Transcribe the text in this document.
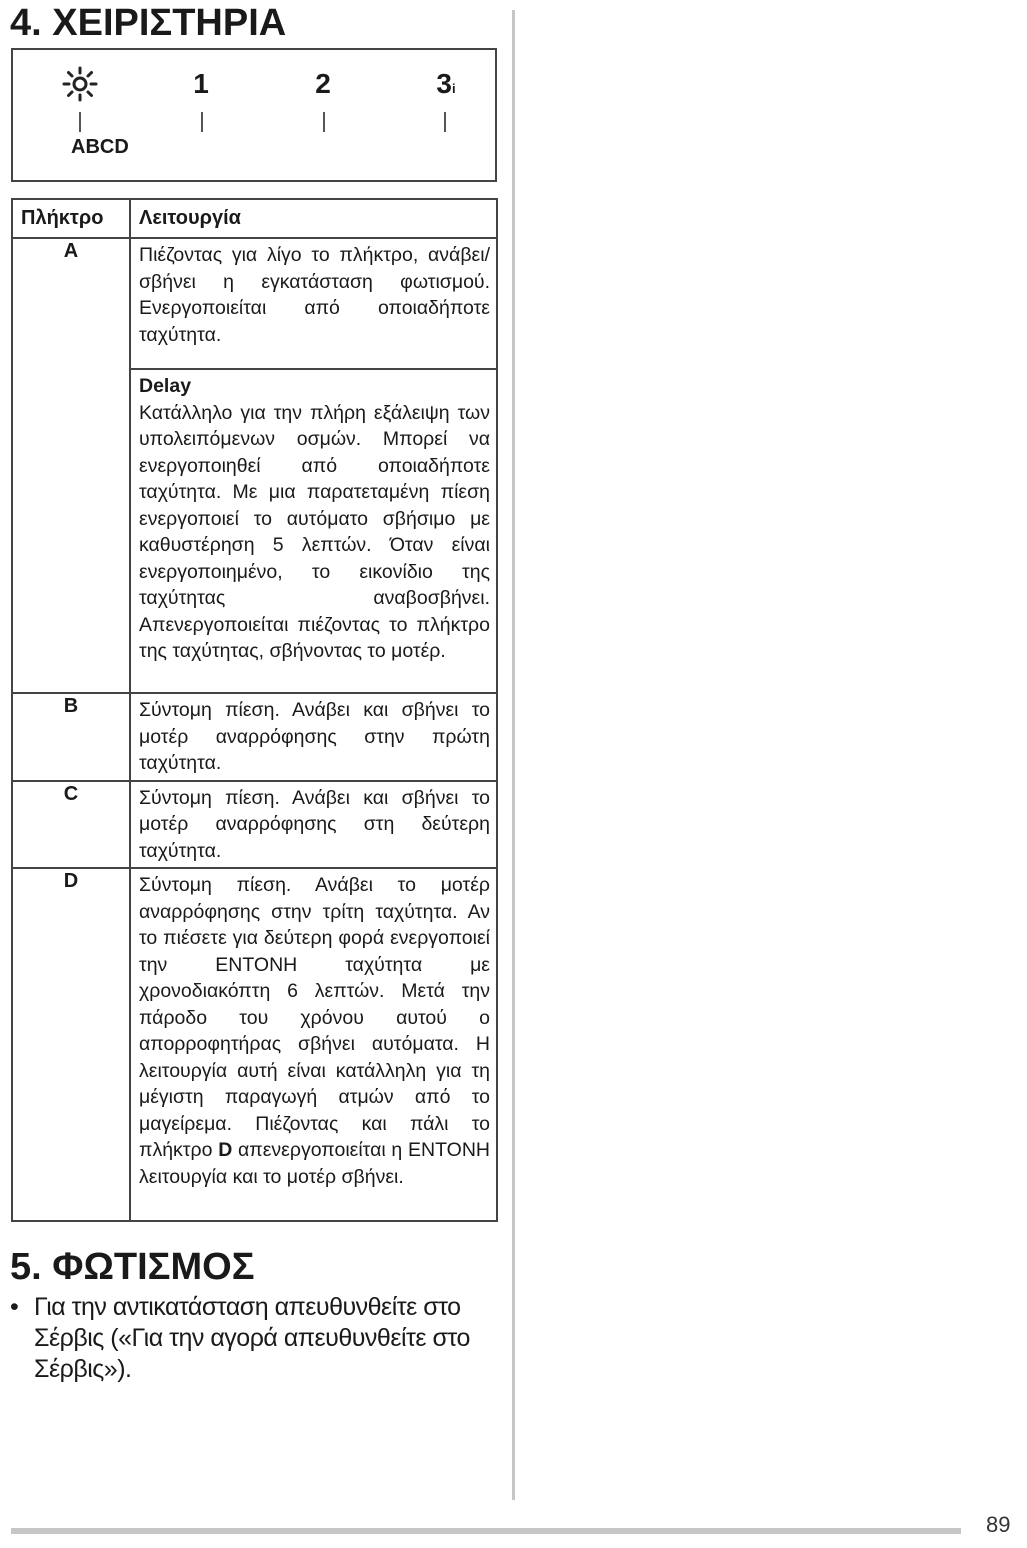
4. ΧΕΙΡΙΣΤΗΡΙΑ
1	2	3i
ABCD
Πλήκτρο	Λειτουργία
A	Πιέζοντας για λίγο το πλήκτρο, ανάβει/σβήνει η εγκατάσταση φωτισμού. Ενεργοποιείται από οποιαδήποτε ταχύτητα.

	Delay
Κατάλληλο για την πλήρη εξάλειψη των υπολειπόμενων οσμών. Μπορεί να ενεργοποιηθεί από οποιαδήποτε ταχύτητα. Με μια παρατεταμένη πίεση ενεργοποιεί το αυτόματο σβήσιμο με καθυστέρηση 5 λεπτών. Όταν είναι ενεργοποιημένο, το εικονίδιο της ταχύτητας αναβοσβήνει. Απενεργοποιείται πιέζοντας το πλήκτρο της ταχύτητας, σβήνοντας το μοτέρ.

B	Σύντομη πίεση. Ανάβει και σβήνει το μοτέρ αναρρόφησης στην πρώτη ταχύτητα.
C	Σύντομη πίεση. Ανάβει και σβήνει το μοτέρ αναρρόφησης στη δεύτερη ταχύτητα.
D	Σύντομη πίεση. Ανάβει το μοτέρ αναρρόφησης στην τρίτη ταχύτητα. Αν το πιέσετε για δεύτερη φορά ενεργοποιεί την ΕΝΤΟΝΗ ταχύτητα με χρονοδιακόπτη 6 λεπτών. Μετά την πάροδο του χρόνου αυτού ο απορροφητήρας σβήνει αυτόματα. Η λειτουργία αυτή είναι κατάλληλη για τη μέγιστη παραγωγή ατμών από το μαγείρεμα. Πιέζοντας και πάλι το πλήκτρο D απενεργοποιείται η ΕΝΤΟΝΗ λειτουργία και το μοτέρ σβήνει.
5. ΦΩΤΙΣΜΟΣ
• Για την αντικατάσταση απευθυνθείτε στο Σέρβις («Για την αγορά απευθυνθείτε στο Σέρβις»).
89
